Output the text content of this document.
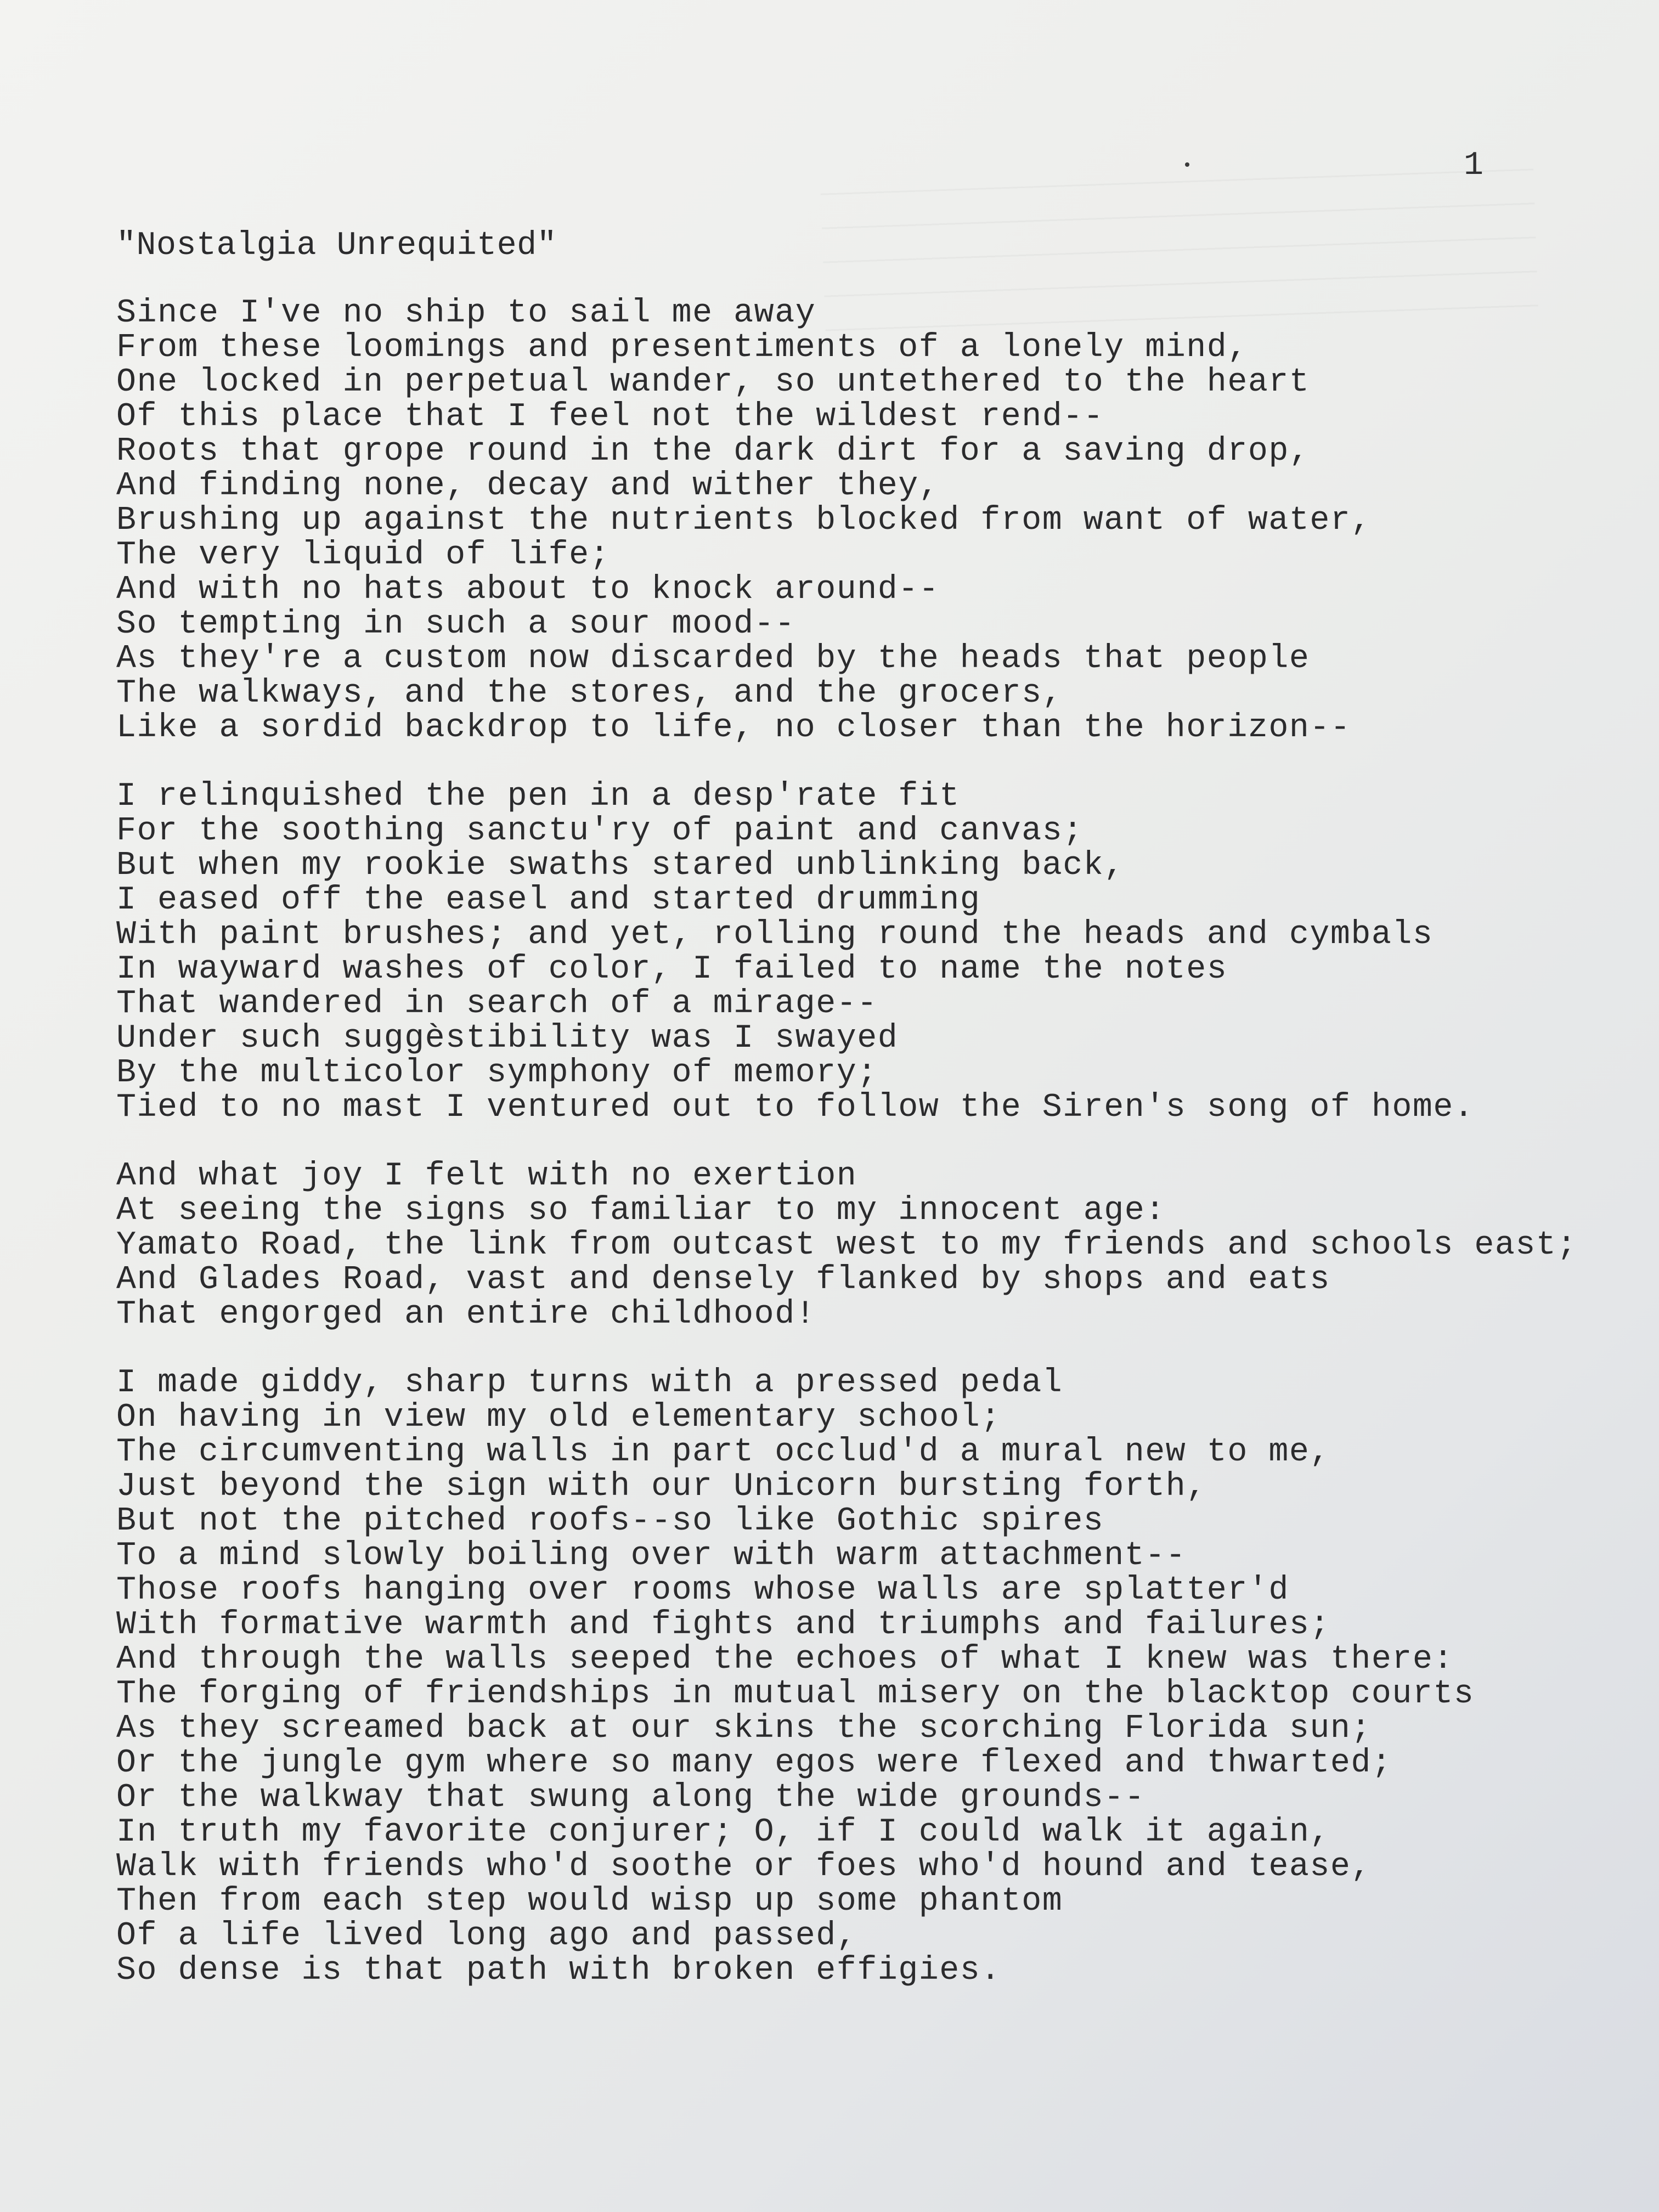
1
"Nostalgia Unrequited"
Since I've no ship to sail me away
From these loomings and presentiments of a lonely mind,
One locked in perpetual wander, so untethered to the heart
Of this place that I feel not the wildest rend--
Roots that grope round in the dark dirt for a saving drop,
And finding none, decay and wither they,
Brushing up against the nutrients blocked from want of water,
The very liquid of life;
And with no hats about to knock around--
So tempting in such a sour mood--
As they're a custom now discarded by the heads that people
The walkways, and the stores, and the grocers,
Like a sordid backdrop to life, no closer than the horizon--
I relinquished the pen in a desp'rate fit
For the soothing sanctu'ry of paint and canvas;
But when my rookie swaths stared unblinking back,
I eased off the easel and started drumming
With paint brushes; and yet, rolling round the heads and cymbals
In wayward washes of color, I failed to name the notes
That wandered in search of a mirage--
Under such suggèstibility was I swayed
By the multicolor symphony of memory;
Tied to no mast I ventured out to follow the Siren's song of home.
And what joy I felt with no exertion
At seeing the signs so familiar to my innocent age:
Yamato Road, the link from outcast west to my friends and schools east;
And Glades Road, vast and densely flanked by shops and eats
That engorged an entire childhood!
I made giddy, sharp turns with a pressed pedal
On having in view my old elementary school;
The circumventing walls in part occlud'd a mural new to me,
Just beyond the sign with our Unicorn bursting forth,
But not the pitched roofs--so like Gothic spires
To a mind slowly boiling over with warm attachment--
Those roofs hanging over rooms whose walls are splatter'd
With formative warmth and fights and triumphs and failures;
And through the walls seeped the echoes of what I knew was there:
The forging of friendships in mutual misery on the blacktop courts
As they screamed back at our skins the scorching Florida sun;
Or the jungle gym where so many egos were flexed and thwarted;
Or the walkway that swung along the wide grounds--
In truth my favorite conjurer; O, if I could walk it again,
Walk with friends who'd soothe or foes who'd hound and tease,
Then from each step would wisp up some phantom
Of a life lived long ago and passed,
So dense is that path with broken effigies.
